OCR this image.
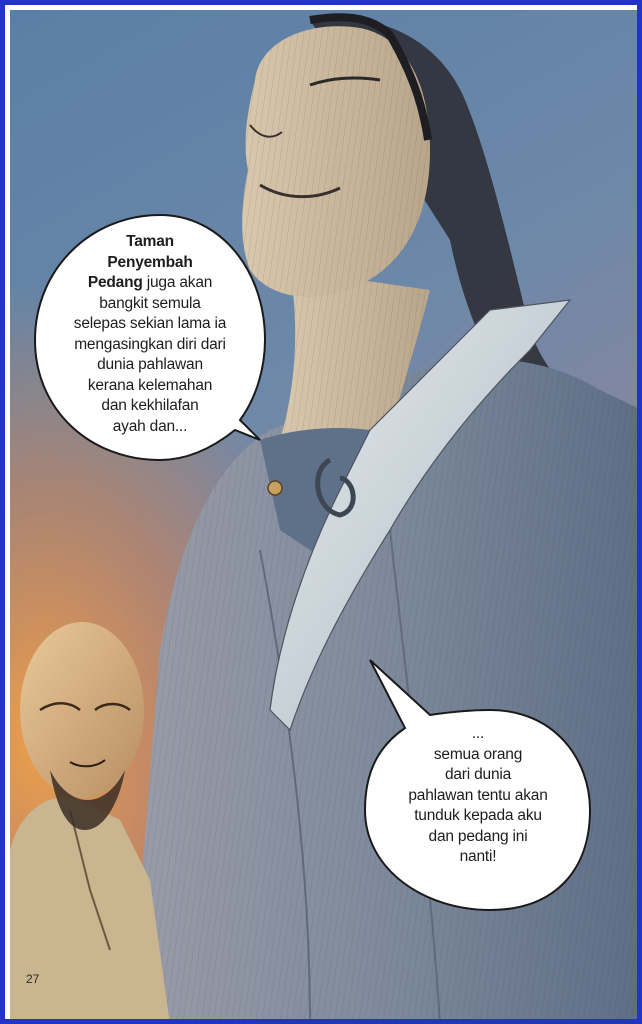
Taman
Penyembah
Pedang juga akan
bangkit semula
selepas sekian lama ia
mengasingkan diri dari
dunia pahlawan
kerana kelemahan
dan kekhilafan
ayah dan...
...
semua orang
dari dunia
pahlawan tentu akan
tunduk kepada aku
dan pedang ini
nanti!
27
